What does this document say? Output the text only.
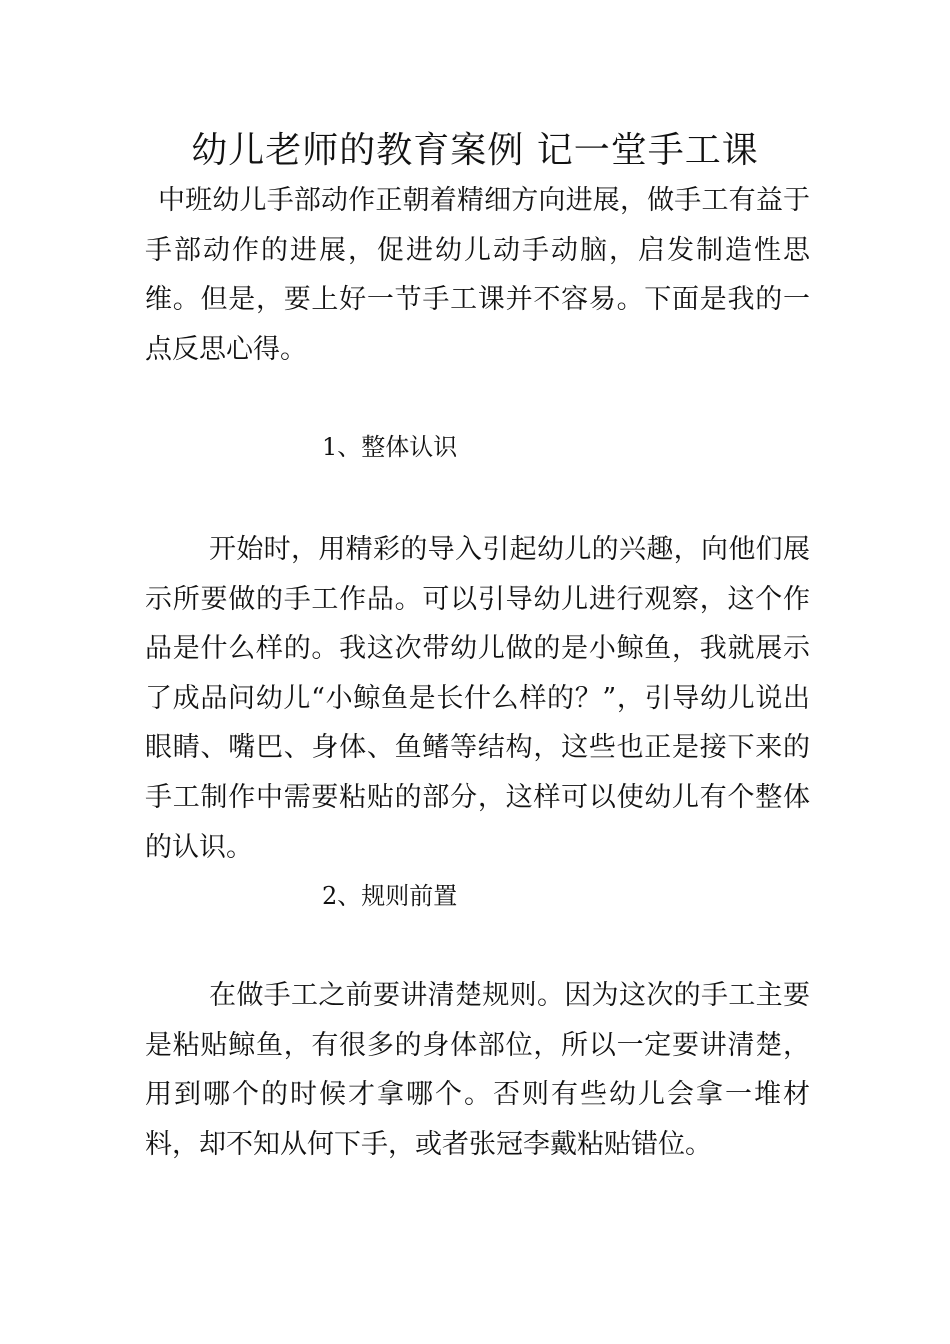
幼儿老师的教育案例 记一堂手工课

中班幼儿手部动作正朝着精细方向进展，做手工有益于手部动作的进展，促进幼儿动手动脑，启发制造性思维。但是，要上好一节手工课并不容易。下面是我的一点反思心得。

1、整体认识

开始时，用精彩的导入引起幼儿的兴趣，向他们展示所要做的手工作品。可以引导幼儿进行观察，这个作品是什么样的。我这次带幼儿做的是小鲸鱼，我就展示了成品问幼儿“小鲸鱼是长什么样的？”，引导幼儿说出眼睛、嘴巴、身体、鱼鳍等结构，这些也正是接下来的手工制作中需要粘贴的部分，这样可以使幼儿有个整体的认识。

2、规则前置

在做手工之前要讲清楚规则。因为这次的手工主要是粘贴鲸鱼，有很多的身体部位，所以一定要讲清楚，用到哪个的时候才拿哪个。否则有些幼儿会拿一堆材料，却不知从何下手，或者张冠李戴粘贴错位。
